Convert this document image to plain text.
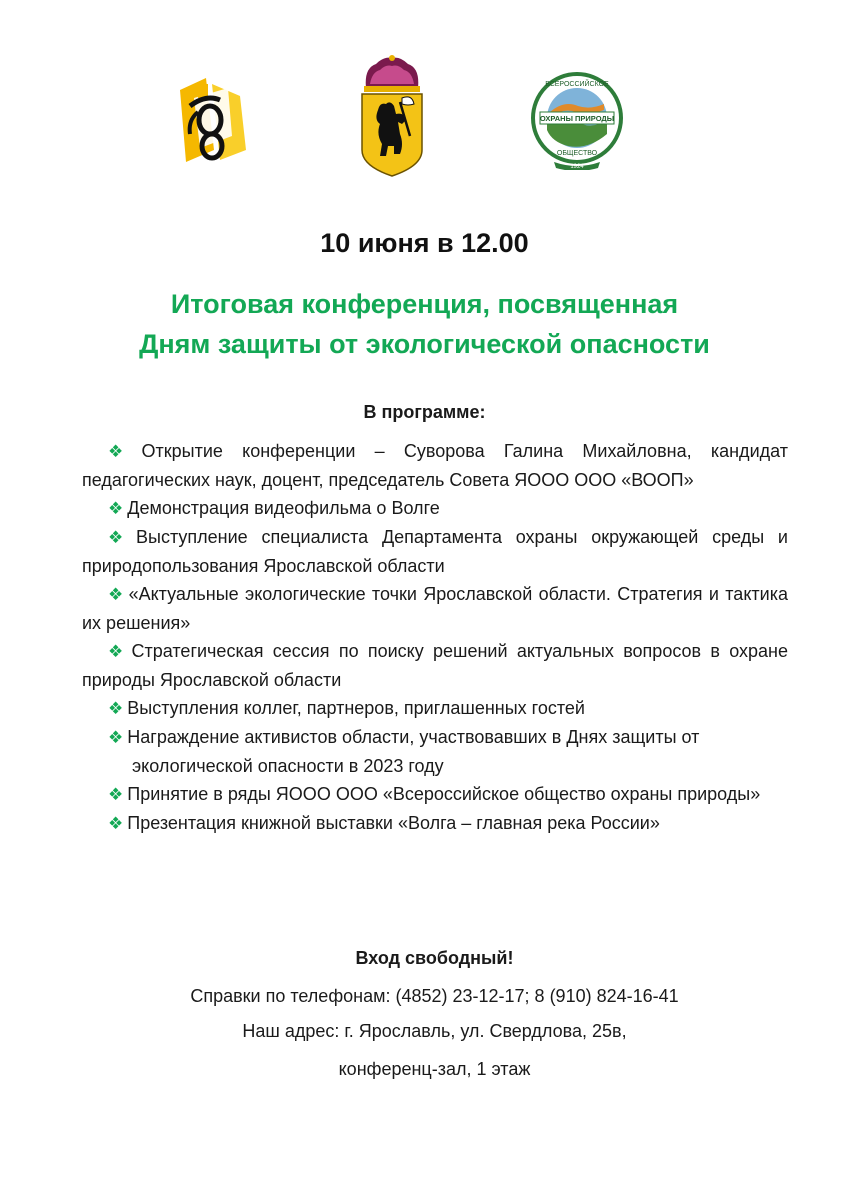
ОХРАНЫ ПРИРОДЫ
ВСЕРОССИЙСКОЕ
ОБЩЕСТВО
1924
10 июня в 12.00
Итоговая конференция, посвященная
Дням защиты от экологической опасности
В программе:
❖ Открытие конференции – Суворова Галина Михайловна, кандидат педагогических наук, доцент, председатель Совета ЯООО ООО «ВООП»
❖ Демонстрация видеофильма о Волге
❖ Выступление специалиста Департамента охраны окружающей среды и природопользования Ярославской области
❖ «Актуальные экологические точки Ярославской области. Стратегия и тактика их решения»
❖ Стратегическая сессия по поиску решений актуальных вопросов в охране природы Ярославской области
❖ Выступления коллег, партнеров, приглашенных гостей
❖ Награждение активистов области, участвовавших в Днях защиты от экологической опасности в 2023 году
❖ Принятие в ряды ЯООО ООО «Всероссийское общество охраны природы»
❖ Презентация книжной выставки «Волга – главная река России»
Вход свободный!
Справки по телефонам: (4852) 23-12-17; 8 (910) 824-16-41
Наш адрес: г. Ярославль, ул. Свердлова, 25в,
конференц-зал, 1 этаж
